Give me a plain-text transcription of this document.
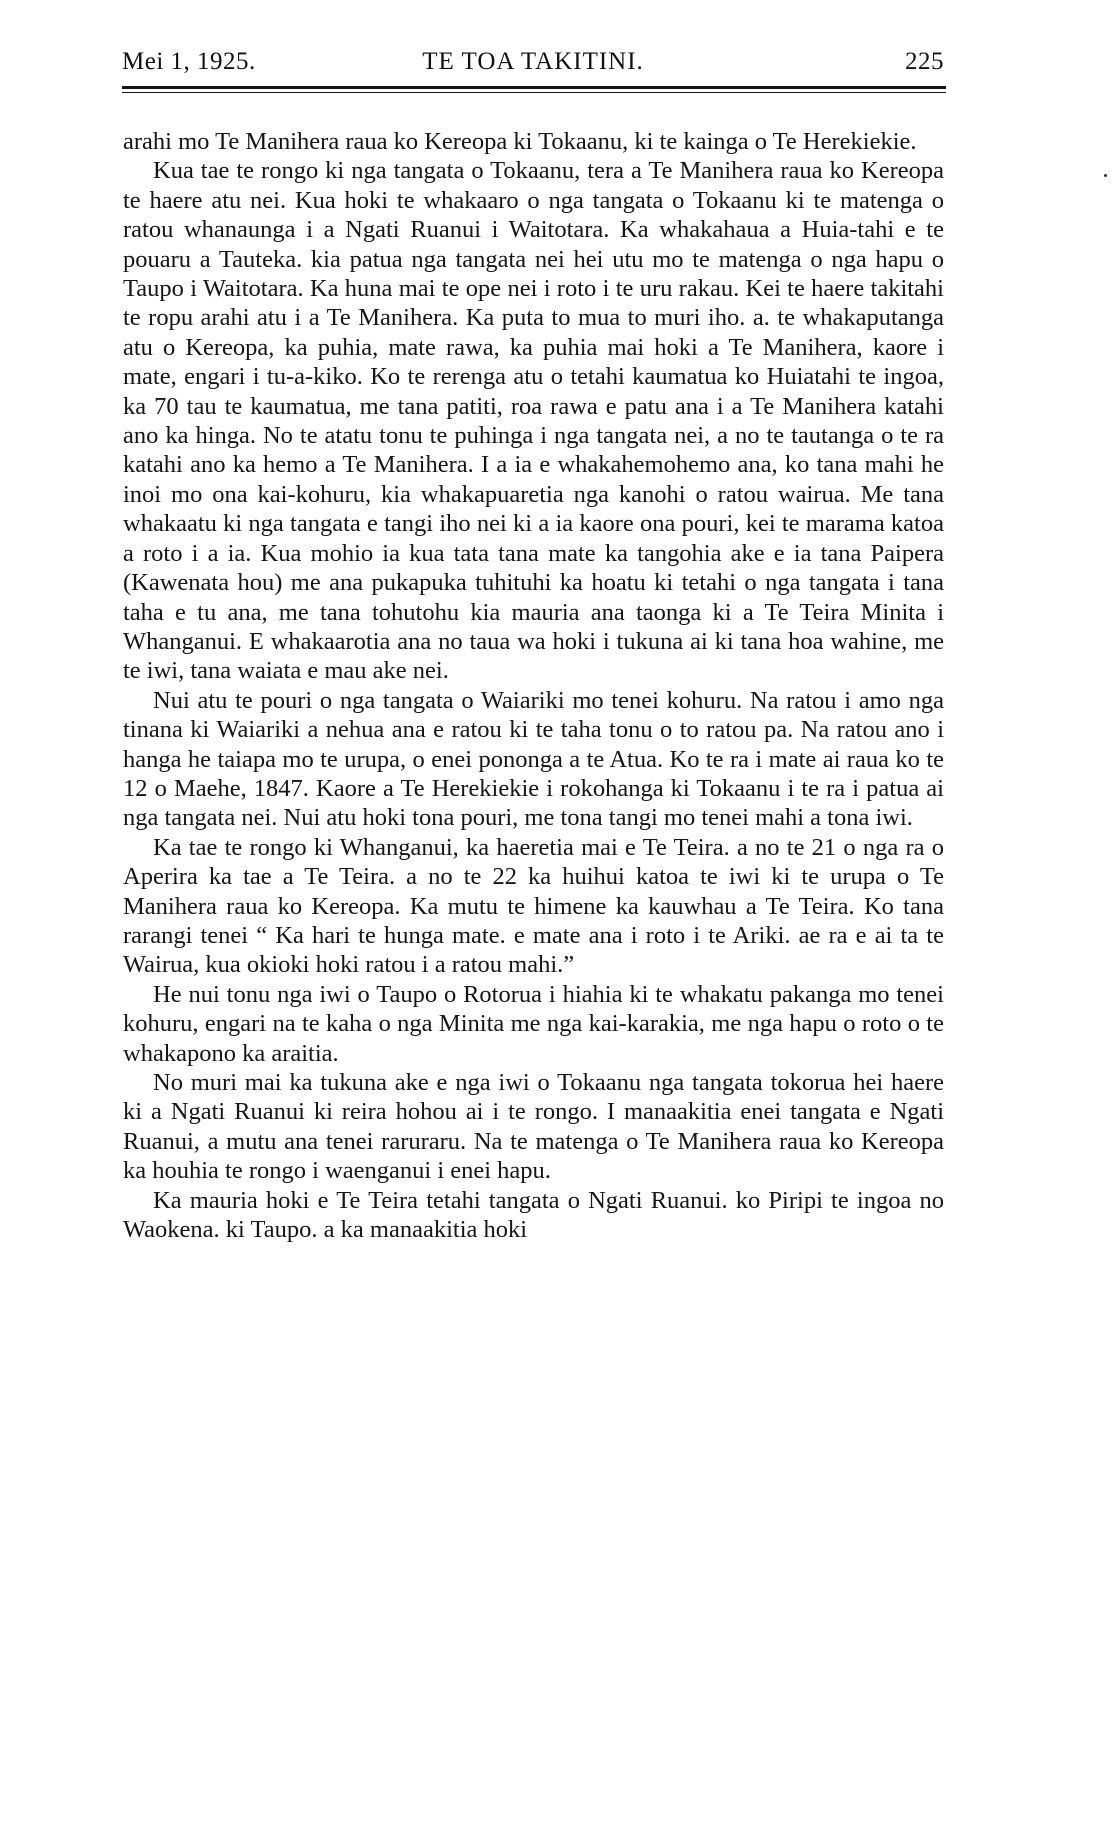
Mei 1, 1925.	TE TOA TAKITINI.	225

arahi mo Te Manihera raua ko Kereopa ki Tokaanu, ki te kainga o Te Herekiekie.

Kua tae te rongo ki nga tangata o Tokaanu, tera a Te Manihera raua ko Kereopa te haere atu nei. Kua hoki te whakaaro o nga tangata o Tokaanu ki te matenga o ratou whanaunga i a Ngati Ruanui i Waitotara. Ka whakahaua a Huia-tahi e te pouaru a Tauteka. kia patua nga tangata nei hei utu mo te matenga o nga hapu o Taupo i Waitotara. Ka huna mai te ope nei i roto i te uru rakau. Kei te haere takitahi te ropu arahi atu i a Te Manihera. Ka puta to mua to muri iho. a. te whakaputanga atu o Kereopa, ka puhia, mate rawa, ka puhia mai hoki a Te Manihera, kaore i mate, engari i tu-a-kiko. Ko te rerenga atu o tetahi kaumatua ko Huiatahi te ingoa, ka 70 tau te kaumatua, me tana patiti, roa rawa e patu ana i a Te Manihera katahi ano ka hinga. No te atatu tonu te puhinga i nga tangata nei, a no te tautanga o te ra katahi ano ka hemo a Te Manihera. I a ia e whakahemohemo ana, ko tana mahi he inoi mo ona kai-kohuru, kia whakapuaretia nga kanohi o ratou wairua. Me tana whakaatu ki nga tangata e tangi iho nei ki a ia kaore ona pouri, kei te marama katoa a roto i a ia. Kua mohio ia kua tata tana mate ka tangohia ake e ia tana Paipera (Kawenata hou) me ana pukapuka tuhituhi ka hoatu ki tetahi o nga tangata i tana taha e tu ana, me tana tohutohu kia mauria ana taonga ki a Te Teira Minita i Whanganui. E whakaarotia ana no taua wa hoki i tukuna ai ki tana hoa wahine, me te iwi, tana waiata e mau ake nei.

Nui atu te pouri o nga tangata o Waiariki mo tenei kohuru. Na ratou i amo nga tinana ki Waiariki a nehua ana e ratou ki te taha tonu o to ratou pa. Na ratou ano i hanga he taiapa mo te urupa, o enei pononga a te Atua. Ko te ra i mate ai raua ko te 12 o Maehe, 1847. Kaore a Te Herekiekie i rokohanga ki Tokaanu i te ra i patua ai nga tangata nei. Nui atu hoki tona pouri, me tona tangi mo tenei mahi a tona iwi.

Ka tae te rongo ki Whanganui, ka haeretia mai e Te Teira. a no te 21 o nga ra o Aperira ka tae a Te Teira. a no te 22 ka huihui katoa te iwi ki te urupa o Te Manihera raua ko Kereopa. Ka mutu te himene ka kauwhau a Te Teira. Ko tana rarangi tenei “ Ka hari te hunga mate. e mate ana i roto i te Ariki. ae ra e ai ta te Wairua, kua okioki hoki ratou i a ratou mahi.”

He nui tonu nga iwi o Taupo o Rotorua i hiahia ki te whakatu pakanga mo tenei kohuru, engari na te kaha o nga Minita me nga kai-karakia, me nga hapu o roto o te whakapono ka araitia.

No muri mai ka tukuna ake e nga iwi o Tokaanu nga tangata tokorua hei haere ki a Ngati Ruanui ki reira hohou ai i te rongo. I manaakitia enei tangata e Ngati Ruanui, a mutu ana tenei raruraru. Na te matenga o Te Manihera raua ko Kereopa ka houhia te rongo i waenganui i enei hapu.

Ka mauria hoki e Te Teira tetahi tangata o Ngati Ruanui. ko Piripi te ingoa no Waokena. ki Taupo. a ka manaakitia hoki
